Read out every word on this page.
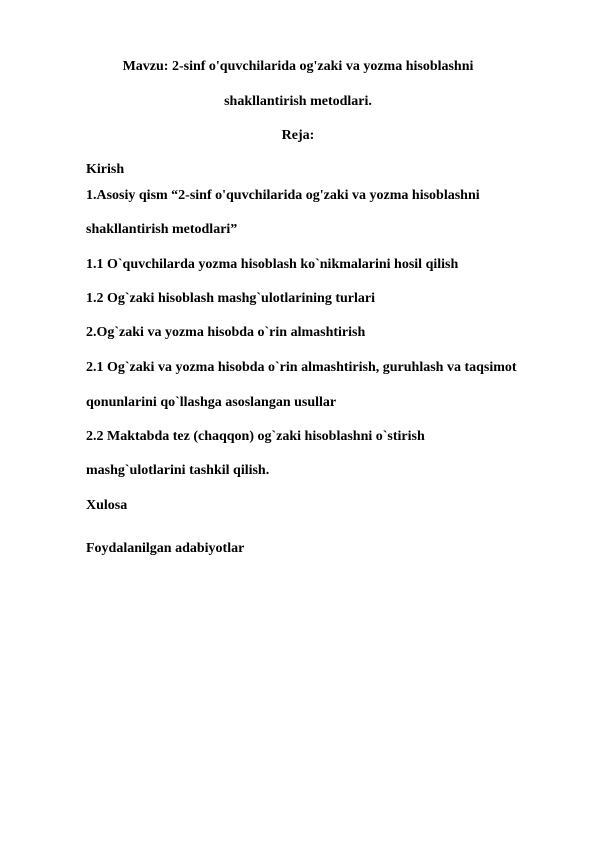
Mavzu: 2-sinf o'quvchilarida og'zaki va yozma hisoblashni
shakllantirish metodlari.
Reja:
Kirish
1.Asosiy qism “2-sinf o'quvchilarida og'zaki va yozma hisoblashni
shakllantirish metodlari”
1.1 O`quvchilarda yozma hisoblash ko`nikmalarini hosil qilish
1.2 Og`zaki hisoblash mashg`ulotlarining turlari
2.Og`zaki va yozma hisobda o`rin almashtirish
2.1 Og`zaki va yozma hisobda o`rin almashtirish, guruhlash va taqsimot
qonunlarini qo`llashga asoslangan usullar
2.2 Maktabda tez (chaqqon) og`zaki hisoblashni o`stirish
mashg`ulotlarini tashkil qilish.
Xulosa
Foydalanilgan adabiyotlar
